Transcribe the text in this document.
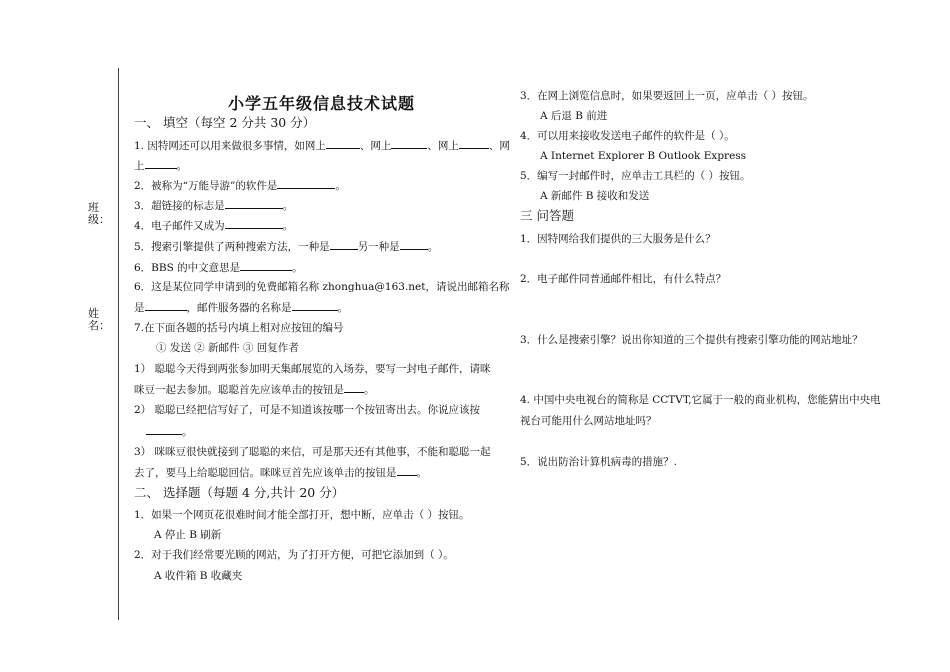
班
级：
姓
名：
小学五年级信息技术试题
一、 填空（每空 2 分共 30 分）
1. 因特网还可以用来做很多事情，如网上	、网上	、网上	、网
上	。
2．被称为“万能导游”的软件是	。
3．超链接的标志是	。
4．电子邮件又成为	。
5．搜索引擎提供了两种搜索方法，一种是	另一种是	。
6．BBS 的中文意思是	。
6．这是某位同学申请到的免费邮箱名称 zhonghua@163.net，请说出邮箱名称
是	，邮件服务器的名称是	。
7.在下面各题的括号内填上相对应按钮的编号
① 发送 ② 新邮件 ③ 回复作者
1） 聪聪今天得到两张参加明天集邮展览的入场券，要写一封电子邮件，请咪
咪豆一起去参加。聪聪首先应该单击的按钮是 。
2） 聪聪已经把信写好了，可是不知道该按哪一个按钮寄出去。你说应该按
。
3） 咪咪豆很快就接到了聪聪的来信，可是那天还有其他事，不能和聪聪一起
去了，要马上给聪聪回信。咪咪豆首先应该单击的按钮是 。
二、 选择题（每题 4 分,共计 20 分）
1．如果一个网页花很难时间才能全部打开，想中断，应单击（ ）按钮。
A 停止 B 刷新
2．对于我们经常要光顾的网站，为了打开方便，可把它添加到（ ）。
A 收件箱 B 收藏夹
3．在网上浏览信息时，如果要返回上一页，应单击（ ）按钮。
A 后退 B 前进
4．可以用来接收发送电子邮件的软件是（ ）。
A Internet Explorer B Outlook Express
5．编写一封邮件时，应单击工具栏的（ ）按钮。
A 新邮件 B 接收和发送
三 问答题
1．因特网给我们提供的三大服务是什么？
2．电子邮件同普通邮件相比，有什么特点？
3．什么是搜索引擎？说出你知道的三个提供有搜索引擎功能的网站地址？
4. 中国中央电视台的简称是 CCTVT,它属于一般的商业机构，您能猜出中央电
视台可能用什么网站地址吗？
5．说出防治计算机病毒的措施？.
